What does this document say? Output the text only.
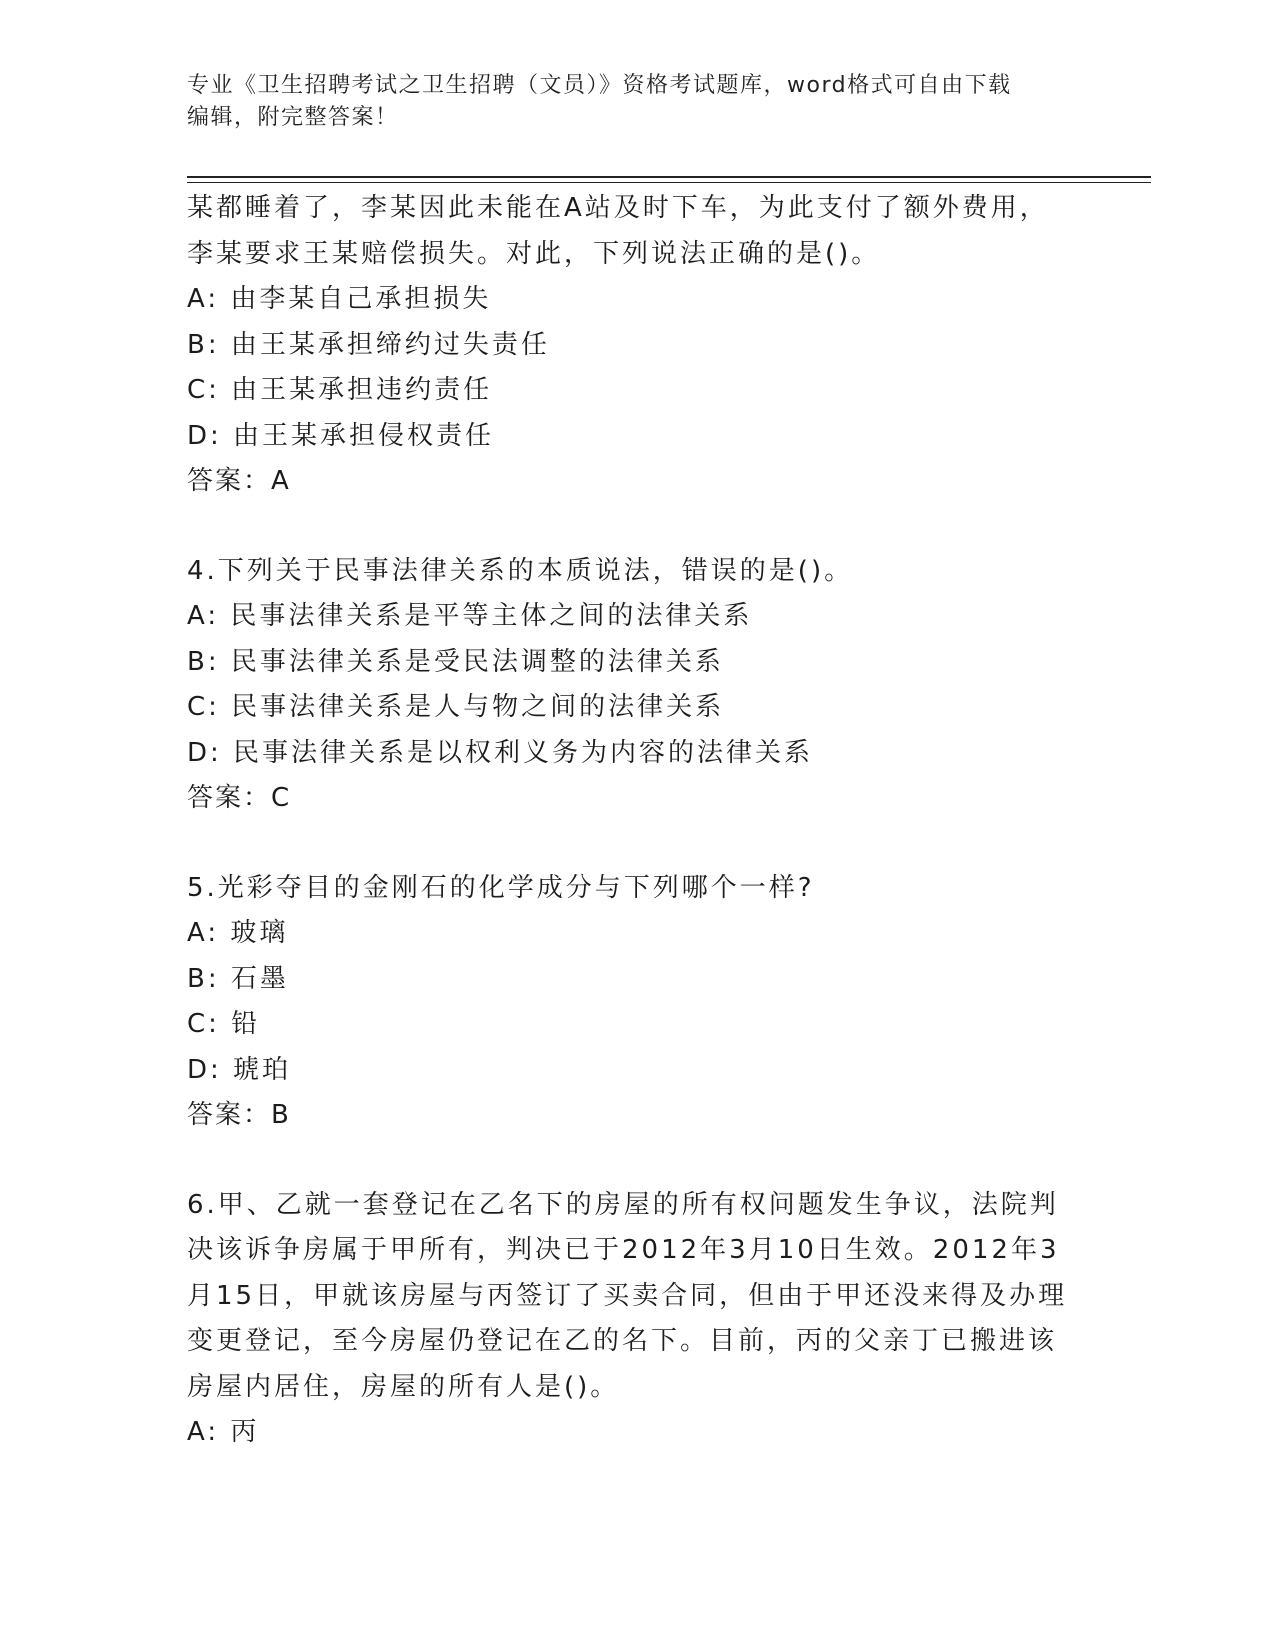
专业《卫生招聘考试之卫生招聘（文员）》资格考试题库，word格式可自由下载
编辑，附完整答案！
某都睡着了，李某因此未能在A站及时下车，为此支付了额外费用，
李某要求王某赔偿损失。对此，下列说法正确的是()。
A: 由李某自己承担损失
B: 由王某承担缔约过失责任
C: 由王某承担违约责任
D: 由王某承担侵权责任
答案：A
4.下列关于民事法律关系的本质说法，错误的是()。
A: 民事法律关系是平等主体之间的法律关系
B: 民事法律关系是受民法调整的法律关系
C: 民事法律关系是人与物之间的法律关系
D: 民事法律关系是以权利义务为内容的法律关系
答案：C
5.光彩夺目的金刚石的化学成分与下列哪个一样?
A: 玻璃
B: 石墨
C: 铅
D: 琥珀
答案：B
6.甲、乙就一套登记在乙名下的房屋的所有权问题发生争议，法院判
决该诉争房属于甲所有，判决已于2012年3月10日生效。2012年3
月15日，甲就该房屋与丙签订了买卖合同，但由于甲还没来得及办理
变更登记，至今房屋仍登记在乙的名下。目前，丙的父亲丁已搬进该
房屋内居住，房屋的所有人是()。
A: 丙
